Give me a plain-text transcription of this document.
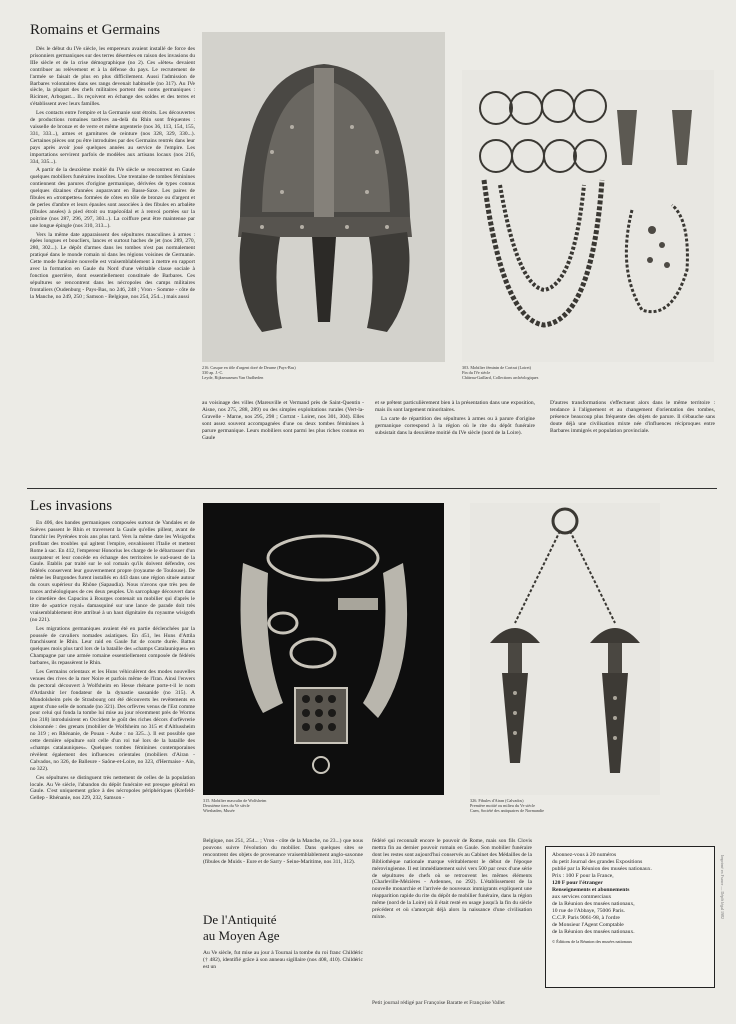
Romains et Germains

Dès le début du IVe siècle, les empereurs avaient installé de force des prisonniers germaniques sur des terres désertées en raison des invasions du IIIe siècle et de la crise démographique (no 2). Ces «lètes» devaient contribuer au relèvement et à la défense du pays. Le recrutement de l'armée se faisait de plus en plus difficilement. Aussi l'admission de Barbares volontaires dans ses rangs devenait habituelle (no 317). Au IVe siècle, la plupart des chefs militaires portent des noms germaniques : Ricimer, Arbogast... Ils reçoivent en échange des soldes et des terres et s'établissent avec leurs familles.

Les contacts entre l'empire et la Germanie sont étroits. Les découvertes de productions romaines tardives au-delà du Rhin sont fréquentes : vaisselle de bronze et de verre et même argenterie (nos 36, 113, 154, 155, 331, 333...), armes et garnitures de ceinture (nos 328, 329, 330...). Certaines pièces ont pu être introduites par des Germains rentrés dans leur pays après avoir joué quelques années au service de l'empire. Les importations servirent parfois de modèles aux artisans locaux (nos 216, 334, 335...).

A partir de la deuxième moitié du IVe siècle se rencontrent en Gaule quelques mobiliers funéraires insolites. Une trentaine de tombes féminines contiennent des parures d'origine germanique, dérivées de types connus quelques dizaines d'années auparavant en Basse-Saxe. Les paires de fibules en «trompettes» formées de côtes en tôle de bronze ou d'argent et de perles d'ambre et leurs épaules sont associées à des fibules en arbalète (fibules ansées) à pied étroit ou trapézoïdal et à renvoi portées sur la poitrine (nos 287, 296, 297, 303...). La coiffure peut être maintenue par une longue épingle (nos 310, 313...).

Vers la même date apparaissent des sépultures masculines à armes : épées longues et boucliers, lances et surtout haches de jet (nos 289, 270, 280, 302...). Le dépôt d'armes dans les tombes n'est pas normalement pratiqué dans le monde romain ni dans les régions voisines de Germanie. Cette mode funéraire nouvelle est vraisemblablement à mettre en rapport avec la formation en Gaule du Nord d'une véritable classe sociale à fonction guerrière, dont essentiellement constituée de Barbares. Ces sépultures se rencontrent dans les nécropoles des camps militaires frontaliers (Oudenburg - Pays-Bas, no 246, 248 ; Vron - Somme - côte de la Manche, no 249, 250 ; Samson - Belgique, nos 254, 254...) mais aussi

216. Casque en tôle d'argent doré de Deurne (Pays-Bas)
330 ap. J.-C.
Leyde, Rijksmuseum Van Oudheden
303. Mobilier féminin de Cortrat (Loiret)
Fin du IVe siècle
Château-Gaillard, Collections archéologiques
au voisinage des villes (Mareuville et Vermand près de Saint-Quentin - Aisne, nos 275, 288, 289) ou des simples exploitations rurales (Vert-la-Gravelle - Marne, nos 295, 298 ; Cortrat - Loiret, nos 301, 304). Elles sont assez souvent accompagnées d'une ou deux tombes féminines à parure germanique. Leurs mobiliers sont parmi les plus riches connus en Gaule

et se prêtent particulièrement bien à la présentation dans une exposition, mais ils sont largement minoritaires.

La carte de répartition des sépultures à armes ou à parure d'origine germanique correspond à la région où le rite du dépôt funéraire subsistait dans la deuxième moitié du IVe siècle (nord de la Loire).

D'autres transformations s'effectuent alors dans le même territoire : tendance à l'alignement et au changement d'orientation des tombes, présence beaucoup plus fréquente des objets de parure. Il s'ébauche sans doute déjà une civilisation mixte née d'influences réciproques entre Barbares immigrés et population provinciale.
Les invasions

En 406, des bandes germaniques composées surtout de Vandales et de Suèves passent le Rhin et traversent la Gaule qu'elles pillent, avant de franchir les Pyrénées trois ans plus tard. Vers la même date les Wisigoths profitant des troubles qui agitent l'empire, envahissent l'Italie et mettent Rome à sac. En 412, l'empereur Honorius les charge de le débarrasser d'un usurpateur et leur concède en échange des territoires le sud-ouest de la Gaule. Etablis par traité sur le sol romain qu'ils doivent défendre, ces fédérés conservent leur gouvernement propre (royaume de Toulouse). De même les Burgondes furent installés en 443 dans une région située autour du cours supérieur du Rhône (Sapaudia). Nous n'avons que très peu de traces archéologiques de ces deux peuples. Un sarcophage découvert dans le cimetière des Capucins à Bourges contenait un mobilier qui d'après le titre de «patrice royal» damasquiné sur une lance de parade doit très vraisemblablement être attribué à un haut dignitaire du royaume wisigoth (no 221).

Les migrations germaniques avaient été en partie déclenchées par la poussée de cavaliers nomades asiatiques. En 451, les Huns d'Attila franchissent le Rhin. Leur raid en Gaule fut de courte durée. Battus quelques mois plus tard lors de la bataille des «champs Catalauniques» en Champagne par une armée romaine essentiellement composée de fédérés barbares, ils repassèrent le Rhin.

Les Germains orientaux et les Huns véhiculèrent des modes nouvelles venues des rives de la mer Noire et parfois même de l'Iran. Ainsi l'envers du pectoral découvert à Wolfsheim en Hesse rhénane porte-t-il le nom d'Ardarshir 1er fondateur de la dynastie sassanide (no 315). A Mundolsheim près de Strasbourg ont été découverts les revêtements en argent d'une selle de nomade (no 321). Des orfèvres venus de l'Est comme pour celui qui fonda la tombe lui mise au jour récemment près de Worms (no 318) introduisirent en Occident le goût des riches décors d'orfèvrerie cloisonnée : des grenats (mobilier de Wolfsheim no 315 et d'Altlussheim no 319 ; en Rhénanie, de Pouan - Aube : no 325...). Il est possible que cette dernière sépulture soit celle d'un roi tué lors de la bataille des «champs catalauniques». Quelques tombes féminines contemporaines révèlent également des influences orientales (mobiliers d'Airan - Calvados, no 326, de Balleure - Saône-et-Loire, no 323, d'Hermaise - Ain, no 322).

Ces sépultures se distinguent très nettement de celles de la population locale. Au Ve siècle, l'abandon du dépôt funéraire est presque général en Gaule. C'est uniquement grâce à des nécropoles périphériques (Krefeld-Gellep - Rhénanie, nos 229, 232, Samson -	315. Mobilier masculin de Wolfsheim
Deuxième tiers du Ve siècle
Wiesbaden, Musée
326. Fibules d'Airan (Calvados)
Première moitié ou milieu du Ve siècle
Caen, Société des antiquaires de Normandie
Belgique, nos 251, 254... ; Vron - côte de la Manche, no 23...) que nous pouvons suivre l'évolution du mobilier. Dans quelques sites se rencontrent des objets de provenance vraisemblablement anglo-saxonne (fibules de Muids - Eure et de Sarry - Seine-Maritime, nos 311, 312).
De l'Antiquité
au Moyen Age
Au Ve siècle, fut mise au jour à Tournai la tombe du roi franc Childéric († 482), identifié grâce à son anneau sigillaire (nos 408, 410). Childéric est un
fédéré qui reconnaît encore le pouvoir de Rome, mais son fils Clovis mettra fin au dernier pouvoir romain en Gaule. Son mobilier funéraire dont les restes sont aujourd'hui conservés au Cabinet des Médailles de la Bibliothèque nationale marque véritablement le début de l'époque mérovingienne. Il est immédiatement suivi vers 500 par ceux d'une série de sépultures de chefs où se retrouvent les mêmes éléments (Charleville-Mézières - Ardennes, no 292). L'établissement de la nouvelle monarchie et l'arrivée de nouveaux immigrants expliquent une réapparition rapide du rite du dépôt de mobilier funéraire, dans la région même (nord de la Loire) où il était resté en usage jusqu'à la fin du siècle précédent et où s'amorçait déjà alors la naissance d'une civilisation mixte.
Abonnez-vous à 20 numéros
du petit Journal des grandes Expositions
publié par la Réunion des musées nationaux.
Prix : 100 F pour la France,
120 F pour l'étranger
Renseignements et abonnements
aux services commerciaux
de la Réunion des musées nationaux,
10 rue de l'Abbaye, 75006 Paris.
C.C.P. Paris 9061-98, à l'ordre
de Monsieur l'Agent Comptable
de la Réunion des musées nationaux.
© Éditions de la Réunion des musées nationaux
Petit journal rédigé par Françoise Baratte et Françoise Vallet
Imprimé en France — Dépôt légal 1982
